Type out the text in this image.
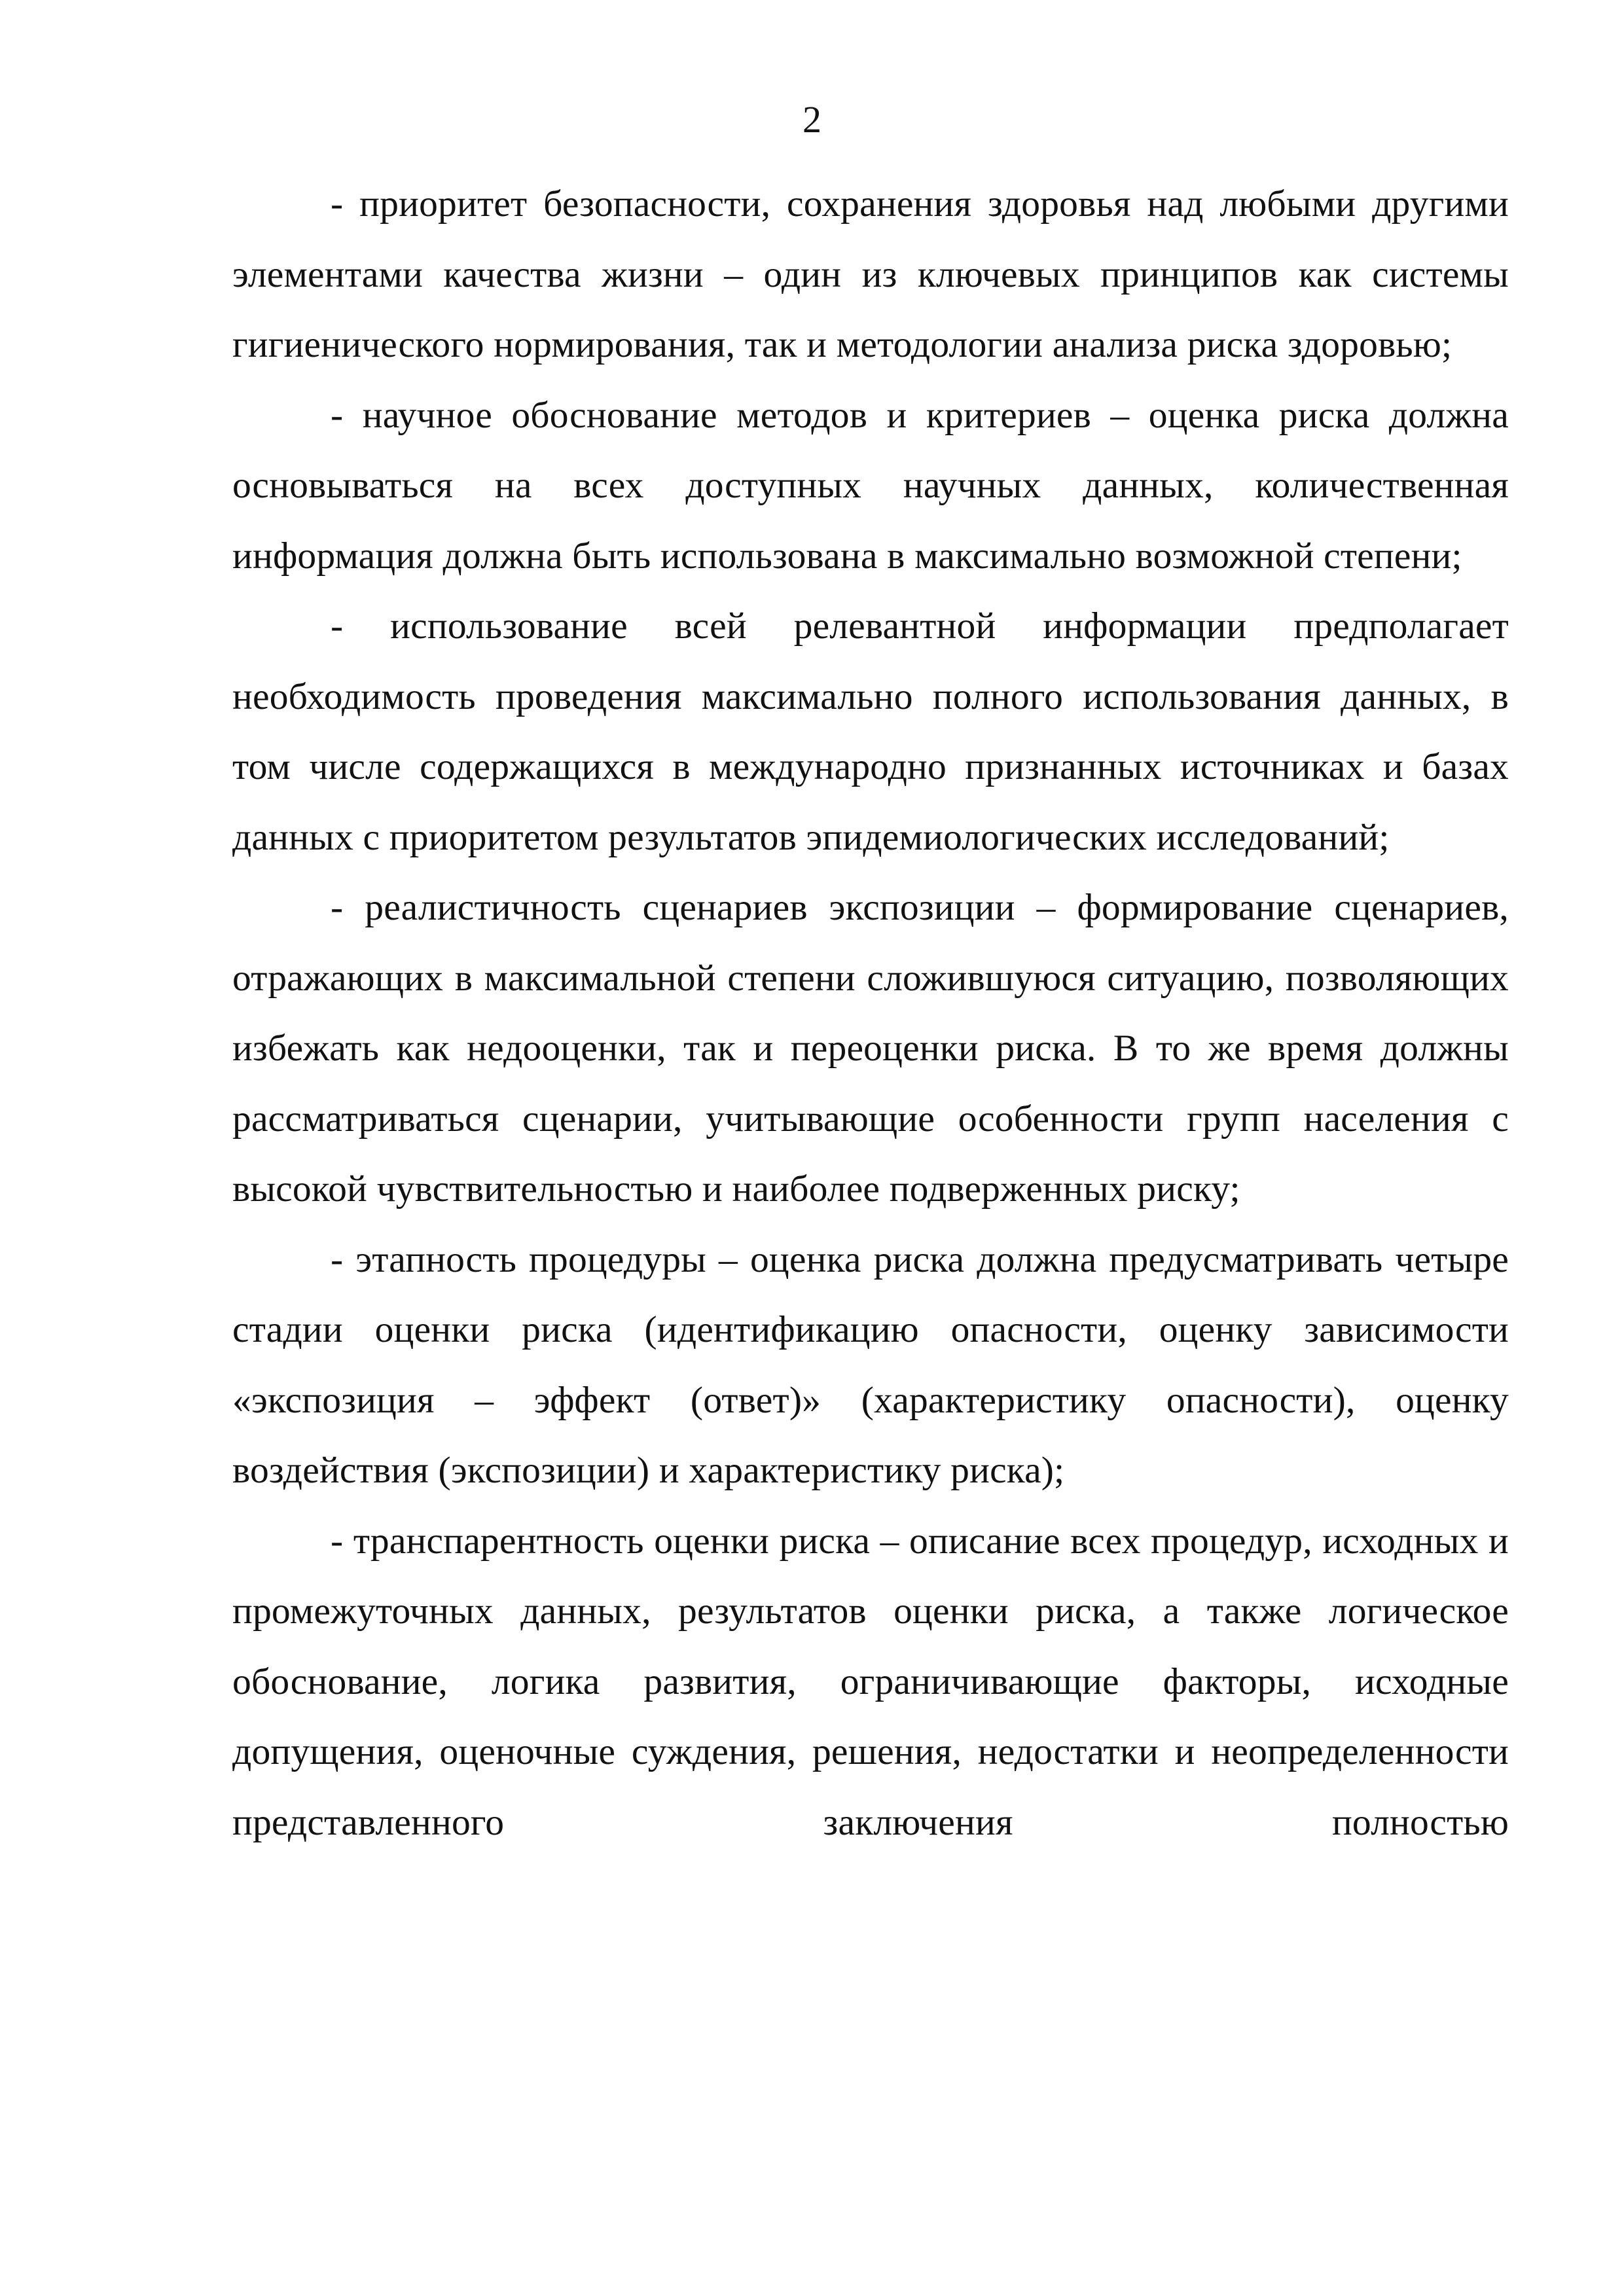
2

- приоритет безопасности, сохранения здоровья над любыми другими элементами качества жизни – один из ключевых принципов как системы гигиенического нормирования, так и методологии анализа риска здоровью;

- научное обоснование методов и критериев – оценка риска должна основываться на всех доступных научных данных, количественная информация должна быть использована в максимально возможной степени;

- использование всей релевантной информации предполагает необходимость проведения максимально полного использования данных, в том числе содержащихся в международно признанных источниках и базах данных с приоритетом результатов эпидемиологических исследований;

- реалистичность сценариев экспозиции – формирование сценариев, отражающих в максимальной степени сложившуюся ситуацию, позволяющих избежать как недооценки, так и переоценки риска. В то же время должны рассматриваться сценарии, учитывающие особенности групп населения с высокой чувствительностью и наиболее подверженных риску;

- этапность процедуры – оценка риска должна предусматривать четыре стадии оценки риска (идентификацию опасности, оценку зависимости «экспозиция – эффект (ответ)» (характеристику опасности), оценку воздействия (экспозиции) и характеристику риска);

- транспарентность оценки риска – описание всех процедур, исходных и промежуточных данных, результатов оценки риска, а также логическое обоснование, логика развития, ограничивающие факторы, исходные допущения, оценочные суждения, решения, недостатки и неопределенности представленного заключения полностью
